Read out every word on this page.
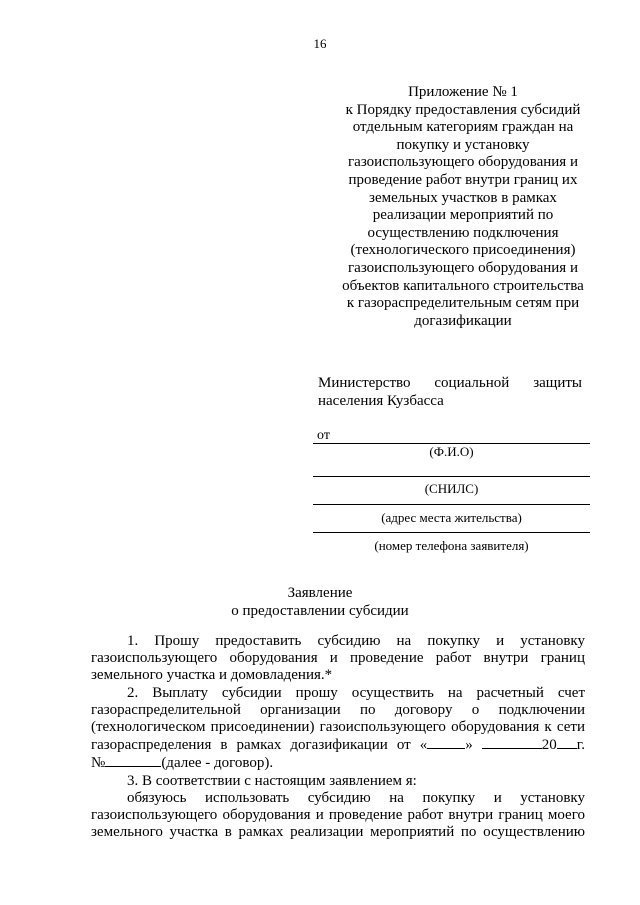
16
Приложение № 1
к Порядку предоставления субсидий
отдельным категориям граждан на
покупку и установку
газоиспользующего оборудования и
проведение работ внутри границ их
земельных участков в рамках
реализации мероприятий по
осуществлению подключения
(технологического присоединения)
газоиспользующего оборудования и
объектов капитального строительства
к газораспределительным сетям при
догазификации
Министерство социальной защиты
населения Кузбасса
от
(Ф.И.О)
(СНИЛС)
(адрес места жительства)
(номер телефона заявителя)
Заявление
о предоставлении субсидии
1. Прошу предоставить субсидию на покупку и установку
газоиспользующего оборудования и проведение работ внутри границ
земельного участка и домовладения.*
2. Выплату субсидии прошу осуществить на расчетный счет
газораспределительной организации по договору о подключении
(технологическом присоединении) газоиспользующего оборудования к сети
газораспределения в рамках догазификации от «	»	20 г.
№	(далее - договор).
3. В соответствии с настоящим заявлением я:
обязуюсь использовать субсидию на покупку и установку
газоиспользующего оборудования и проведение работ внутри границ моего
земельного участка в рамках реализации мероприятий по осуществлению
